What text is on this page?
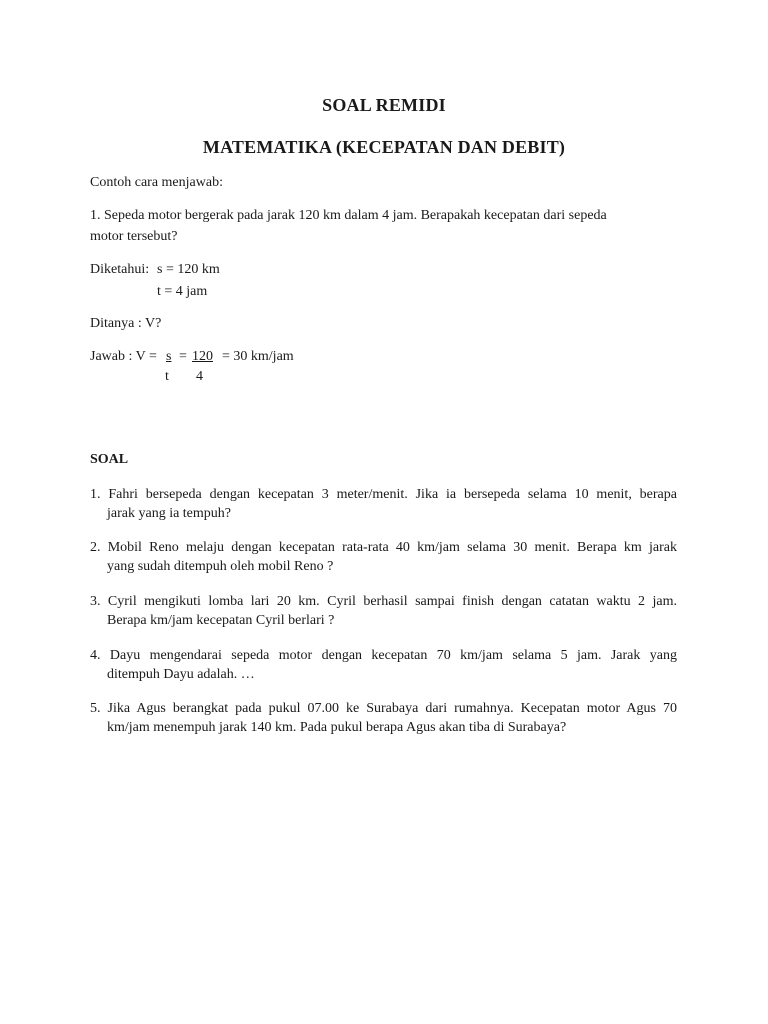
SOAL REMIDI
MATEMATIKA (KECEPATAN DAN DEBIT)
Contoh cara menjawab:
1. Sepeda motor bergerak pada jarak 120 km dalam 4 jam. Berapakah kecepatan dari sepeda
motor tersebut?
Diketahui: s = 120 km
t = 4 jam
Ditanya : V?
Jawab : V = s = 120 = 30 km/jam
t 4
SOAL
1. Fahri bersepeda dengan kecepatan 3 meter/menit. Jika ia bersepeda selama 10 menit, berapa
jarak yang ia tempuh?
2. Mobil Reno melaju dengan kecepatan rata-rata 40 km/jam selama 30 menit. Berapa km jarak
yang sudah ditempuh oleh mobil Reno ?
3. Cyril mengikuti lomba lari 20 km. Cyril berhasil sampai finish dengan catatan waktu 2 jam.
Berapa km/jam kecepatan Cyril berlari ?
4. Dayu mengendarai sepeda motor dengan kecepatan 70 km/jam selama 5 jam. Jarak yang
ditempuh Dayu adalah. …
5. Jika Agus berangkat pada pukul 07.00 ke Surabaya dari rumahnya. Kecepatan motor Agus 70
km/jam menempuh jarak 140 km. Pada pukul berapa Agus akan tiba di Surabaya?
